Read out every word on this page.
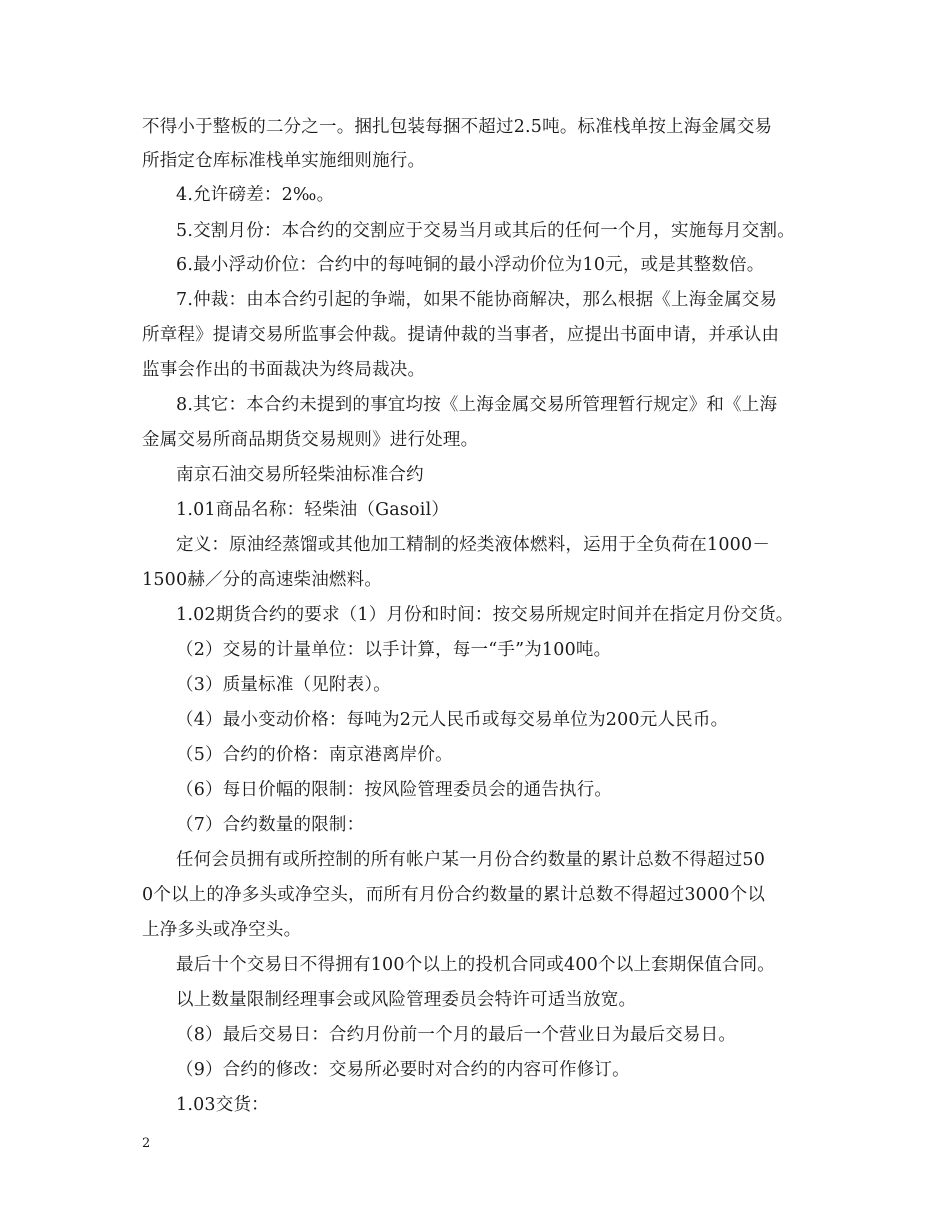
不得小于整板的二分之一。捆扎包装每捆不超过2.5吨。标准栈单按上海金属交易
所指定仓库标准栈单实施细则施行。
4.允许磅差：2‰。
5.交割月份：本合约的交割应于交易当月或其后的任何一个月，实施每月交割。
6.最小浮动价位：合约中的每吨铜的最小浮动价位为10元，或是其整数倍。
7.仲裁：由本合约引起的争端，如果不能协商解决，那么根据《上海金属交易
所章程》提请交易所监事会仲裁。提请仲裁的当事者，应提出书面申请，并承认由
监事会作出的书面裁决为终局裁决。
8.其它：本合约未提到的事宜均按《上海金属交易所管理暂行规定》和《上海
金属交易所商品期货交易规则》进行处理。
南京石油交易所轻柴油标准合约
1.01商品名称：轻柴油（Gasoil）
定义：原油经蒸馏或其他加工精制的烃类液体燃料，运用于全负荷在1000－
1500赫／分的高速柴油燃料。
1.02期货合约的要求（1）月份和时间：按交易所规定时间并在指定月份交货。
（2）交易的计量单位：以手计算，每一“手”为100吨。
（3）质量标准（见附表）。
（4）最小变动价格：每吨为2元人民币或每交易单位为200元人民币。
（5）合约的价格：南京港离岸价。
（6）每日价幅的限制：按风险管理委员会的通告执行。
（7）合约数量的限制：
任何会员拥有或所控制的所有帐户某一月份合约数量的累计总数不得超过50
0个以上的净多头或净空头，而所有月份合约数量的累计总数不得超过3000个以
上净多头或净空头。
最后十个交易日不得拥有100个以上的投机合同或400个以上套期保值合同。
以上数量限制经理事会或风险管理委员会特许可适当放宽。
（8）最后交易日：合约月份前一个月的最后一个营业日为最后交易日。
（9）合约的修改：交易所必要时对合约的内容可作修订。
1.03交货：
2
